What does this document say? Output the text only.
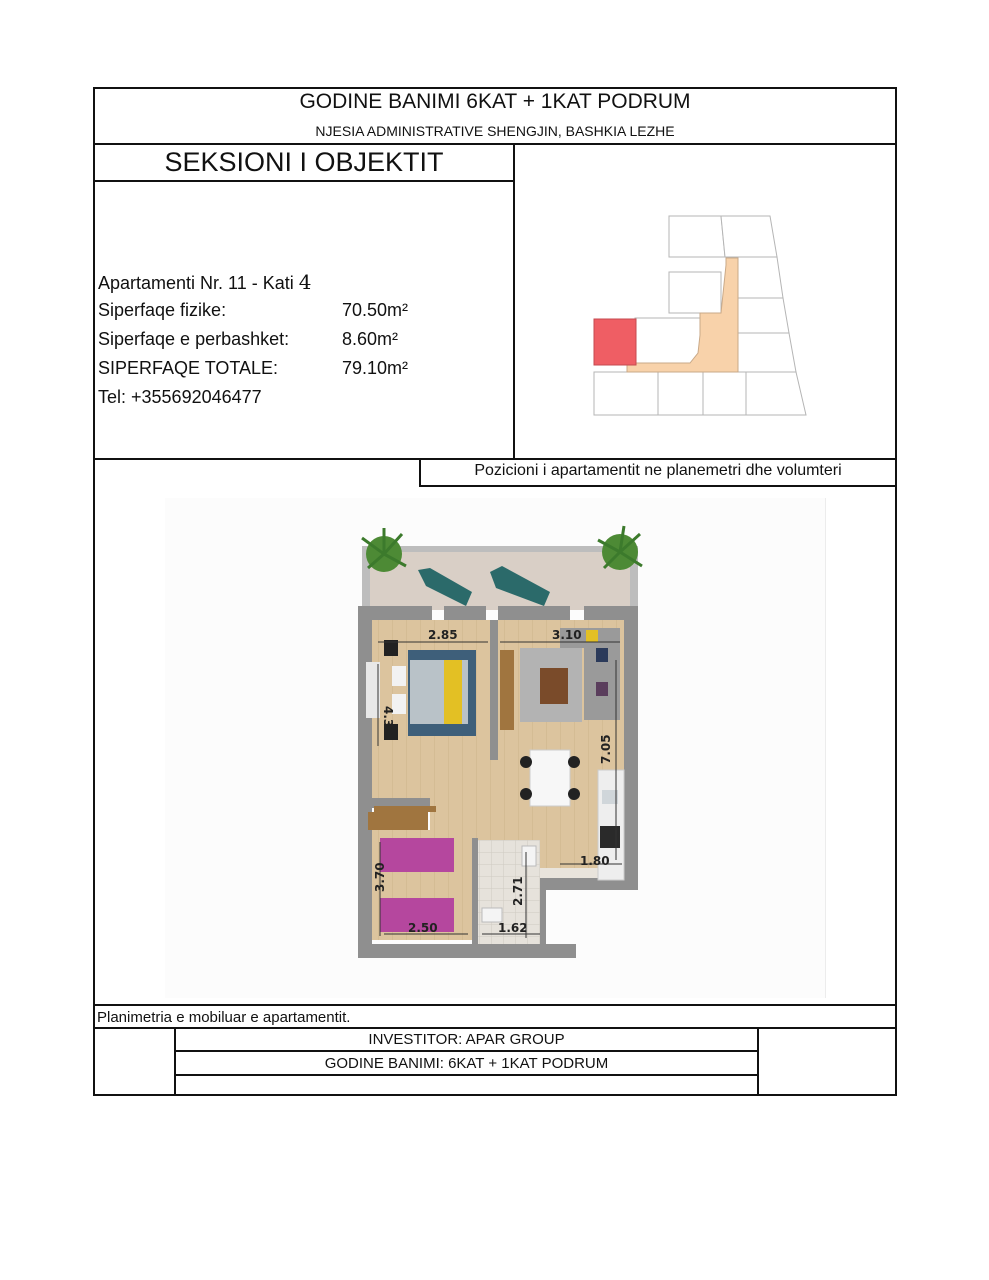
GODINE BANIMI 6KAT + 1KAT PODRUM
NJESIA ADMINISTRATIVE SHENGJIN, BASHKIA LEZHE
SEKSIONI I OBJEKTIT
Apartamenti Nr. 11 - Kati 4
Siperfaqe fizike:	70.50m²
Siperfaqe e perbashket:	8.60m²
SIPERFAQE TOTALE:	79.10m²
Tel: +355692046477
Pozicioni i apartamentit ne planemetri dhe volumteri
2.85	3.10
4.30
7.05
3.70	2.71
1.80
2.50	1.62
Planimetria e mobiluar e apartamentit.
INVESTITOR: APAR GROUP
GODINE BANIMI: 6KAT + 1KAT PODRUM
